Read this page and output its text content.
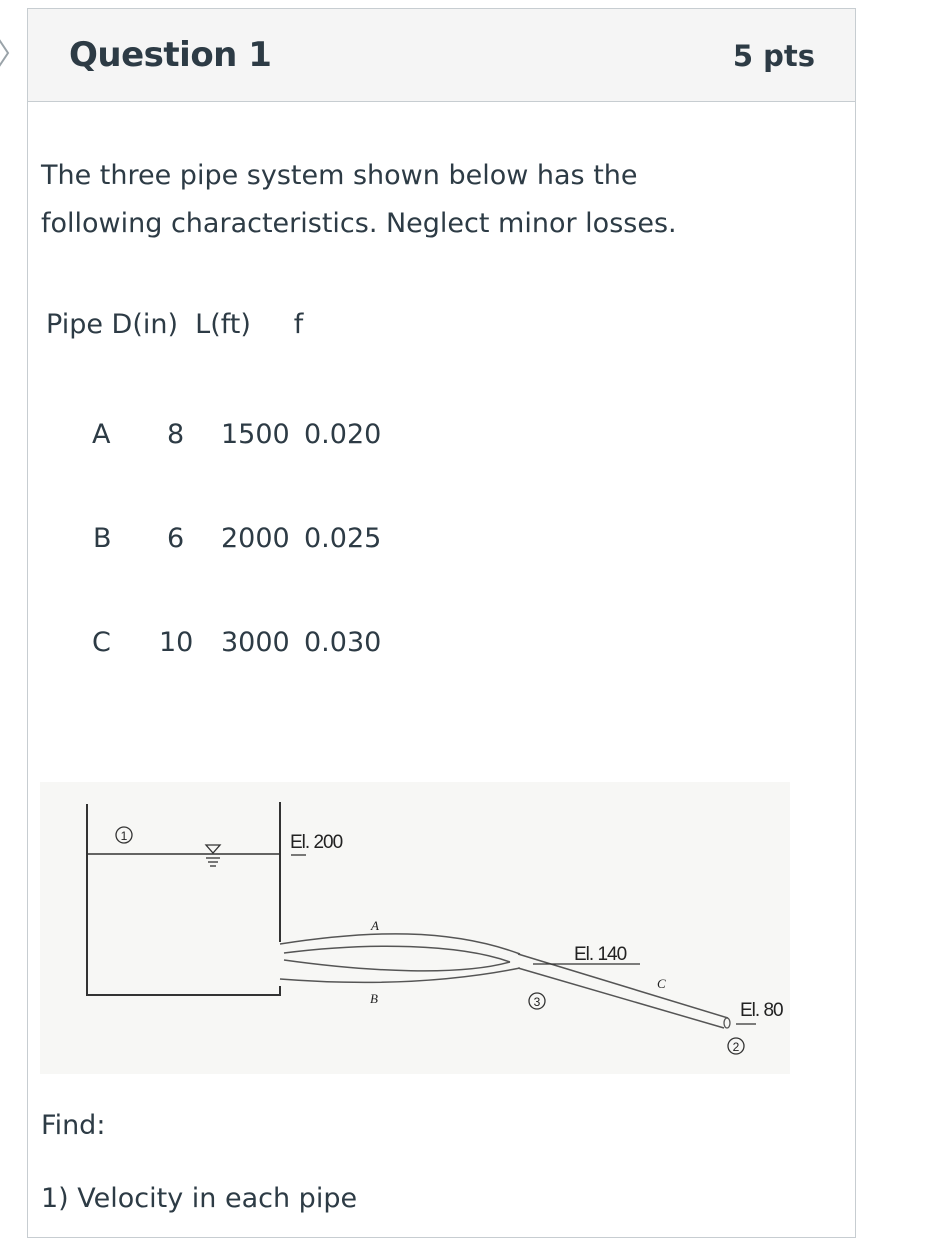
Question 1	5 pts
The three pipe system shown below has the following characteristics. Neglect minor losses.
Pipe D(in)  L(ft)     f
A 8 1500 0.020
B 6 2000 0.025
C 10 3000 0.030
1	El. 200
El. 140
A
B
C
3	El. 80
2
Find:
1) Velocity in each pipe
